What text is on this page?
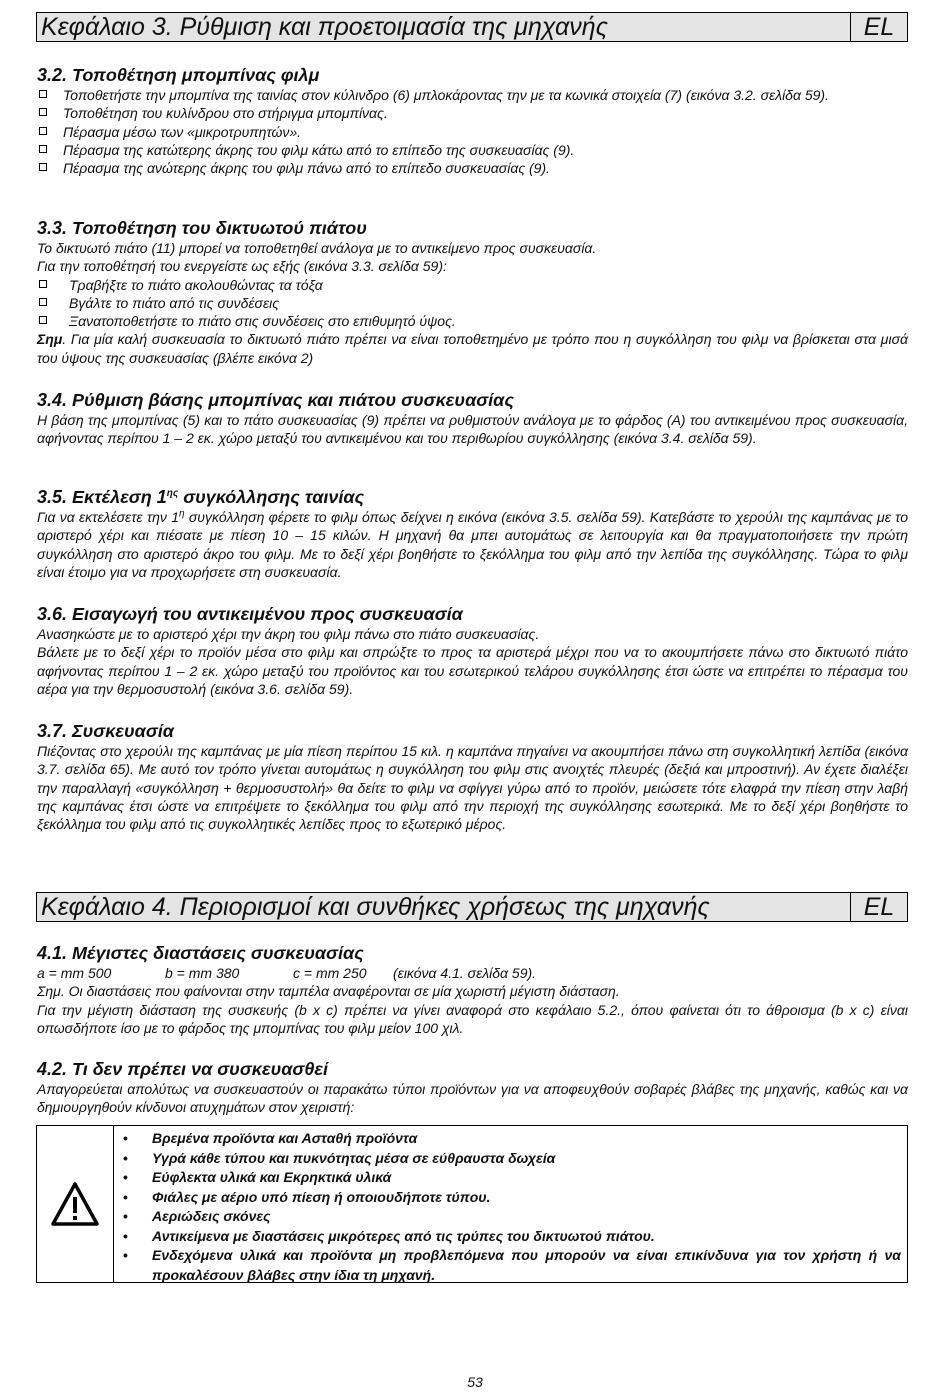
Κεφάλαιο 3. Ρύθμιση και προετοιμασία της μηχανής	EL
3.2. Τοποθέτηση μπομπίνας φιλμ
Τοποθετήστε την μπομπίνα της ταινίας στον κύλινδρο (6) μπλοκάροντας την με τα κωνικά στοιχεία (7) (εικόνα 3.2. σελίδα 59).
Τοποθέτηση του κυλίνδρου στο στήριγμα μπομπίνας.
Πέρασμα μέσω των «μικροτρυπητών».
Πέρασμα της κατώτερης άκρης του φιλμ κάτω από το επίπεδο της συσκευασίας (9).
Πέρασμα της ανώτερης άκρης του φιλμ πάνω από το επίπεδο συσκευασίας (9).
3.3. Τοποθέτηση του δικτυωτού πιάτου

Το δικτυωτό πιάτο (11) μπορεί να τοποθετηθεί ανάλογα με το αντικείμενο προς συσκευασία.

Για την τοποθέτησή του ενεργείστε ως εξής (εικόνα 3.3. σελίδα 59):

Τραβήξτε το πιάτο ακολουθώντας τα τόξα
Βγάλτε το πιάτο από τις συνδέσεις
Ξανατοποθετήστε το πιάτο στις συνδέσεις στο επιθυμητό ύψος.

Σημ. Για μία καλή συσκευασία το δικτυωτό πιάτο πρέπει να είναι τοποθετημένο με τρόπο που η συγκόλληση του φιλμ να βρίσκεται στα μισά του ύψους της συσκευασίας (βλέπε εικόνα 2)

3.4. Ρύθμιση βάσης μπομπίνας και πιάτου συσκευασίας

Η βάση της μπομπίνας (5) και το πάτο συσκευασίας (9) πρέπει να ρυθμιστούν ανάλογα με το φάρδος (Α) του αντικειμένου προς συσκευασία, αφήνοντας περίπου 1 – 2 εκ. χώρο μεταξύ του αντικειμένου και του περιθωρίου συγκόλλησης (εικόνα 3.4. σελίδα 59).

3.5. Εκτέλεση $1^{\eta\varsigma}$ συγκόλλησης ταινίας

Για να εκτελέσετε την $1^\eta$ συγκόλληση φέρετε το φιλμ όπως δείχνει η εικόνα (εικόνα 3.5. σελίδα 59). Κατεβάστε το χερούλι της καμπάνας με το αριστερό χέρι και πιέσατε με πίεση 10 – 15 κιλών. Η μηχανή θα μπει αυτομάτως σε λειτουργία και θα πραγματοποιήσετε την πρώτη συγκόλληση στο αριστερό άκρο του φιλμ. Με το δεξί χέρι βοηθήστε το ξεκόλλημα του φιλμ από την λεπίδα της συγκόλλησης. Τώρα το φιλμ είναι έτοιμο για να προχωρήσετε στη συσκευασία.

3.6. Εισαγωγή του αντικειμένου προς συσκευασία

Ανασηκώστε με το αριστερό χέρι την άκρη του φιλμ πάνω στο πιάτο συσκευασίας.

Βάλετε με το δεξί χέρι το προϊόν μέσα στο φιλμ και σπρώξτε το προς τα αριστερά μέχρι που να το ακουμπήσετε πάνω στο δικτυωτό πιάτο αφήνοντας περίπου 1 – 2 εκ. χώρο μεταξύ του προϊόντος και του εσωτερικού τελάρου συγκόλλησης έτσι ώστε να επιτρέπει το πέρασμα του αέρα για την θερμοσυστολή (εικόνα 3.6. σελίδα 59).

3.7. Συσκευασία

Πιέζοντας στο χερούλι της καμπάνας με μία πίεση περίπου 15 κιλ. η καμπάνα πηγαίνει να ακουμπήσει πάνω στη συγκολλητική λεπίδα (εικόνα 3.7. σελίδα 65). Με αυτό τον τρόπο γίνεται αυτομάτως η συγκόλληση του φιλμ στις ανοιχτές πλευρές (δεξιά και μπροστινή). Αν έχετε διαλέξει την παραλλαγή «συγκόλληση + θερμοσυστολή» θα δείτε το φιλμ να σφίγγει γύρω από το προϊόν, μειώσετε τότε ελαφρά την πίεση στην λαβή της καμπάνας έτσι ώστε να επιτρέψετε το ξεκόλλημα του φιλμ από την περιοχή της συγκόλλησης εσωτερικά. Με το δεξί χέρι βοηθήστε το ξεκόλλημα του φιλμ από τις συγκολλητικές λεπίδες προς το εξωτερικό μέρος.

Κεφάλαιο 4. Περιορισμοί και συνθήκες χρήσεως της μηχανής	EL
4.1. Μέγιστες διαστάσεις συσκευασίας

a = mm 500	b = mm 380	c = mm 250 (εικόνα 4.1. σελίδα 59).

Σημ. Οι διαστάσεις που φαίνονται στην ταμπέλα αναφέρονται σε μία χωριστή μέγιστη διάσταση.

Για την μέγιστη διάσταση της συσκευής (b x c) πρέπει να γίνει αναφορά στο κεφάλαιο 5.2., όπου φαίνεται ότι το άθροισμα (b x c) είναι οπωσδήποτε ίσο με το φάρδος της μπομπίνας του φιλμ μείον 100 χιλ.

4.2. Τι δεν πρέπει να συσκευασθεί

Απαγορεύεται απολύτως να συσκευαστούν οι παρακάτω τύποι προϊόντων για να αποφευχθούν σοβαρές βλάβες της μηχανής, καθώς και να δημιουργηθούν κίνδυνοι ατυχημάτων στον χειριστή:

• Βρεμένα προϊόντα και Ασταθή προϊόντα
• Υγρά κάθε τύπου και πυκνότητας μέσα σε εύθραυστα δωχεία
• Εύφλεκτα υλικά και Εκρηκτικά υλικά
• Φιάλες με αέριο υπό πίεση ή οποιουδήποτε τύπου.
• Αεριώδεις σκόνες
• Αντικείμενα με διαστάσεις μικρότερες από τις τρύπες του δικτυωτού πιάτου.
• Ενδεχόμενα υλικά και προϊόντα μη προβλεπόμενα που μπορούν να είναι επικίνδυνα για τον χρήστη ή να προκαλέσουν βλάβες στην ίδια τη μηχανή.
53
